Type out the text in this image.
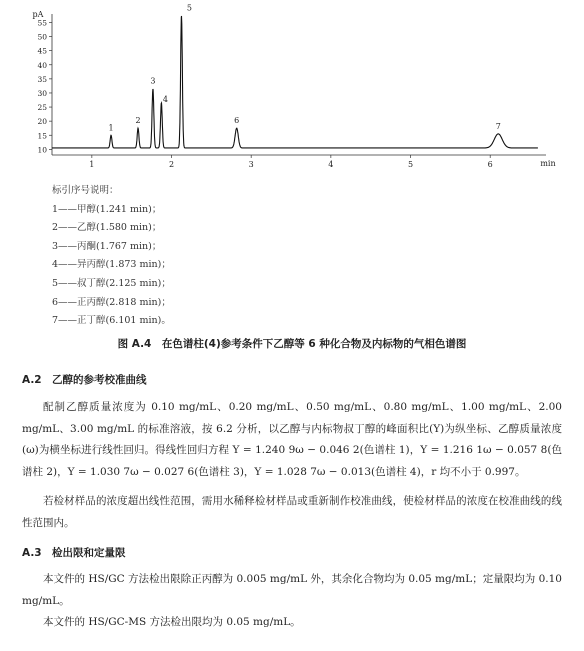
pA
min
10
15
20
25
30
35
40
45
50
55
1	2	3	4	5	6
1
2
3
4
5
6
7
标引序号说明：
1——甲醇(1.241 min)；
2——乙醇(1.580 min)；
3——丙酮(1.767 min)；
4——异丙醇(1.873 min)；
5——叔丁醇(2.125 min)；
6——正丙醇(2.818 min)；
7——正丁醇(6.101 min)。
图 A.4　在色谱柱(4)参考条件下乙醇等 6 种化合物及内标物的气相色谱图
A.2 乙醇的参考校准曲线
配制乙醇质量浓度为 0.10 mg/mL、0.20 mg/mL、0.50 mg/mL、0.80 mg/mL、1.00 mg/mL、2.00 mg/mL、3.00 mg/mL 的标准溶液，按 6.2 分析，以乙醇与内标物叔丁醇的峰面积比(Y)为纵坐标、乙醇质量浓度(ω)为横坐标进行线性回归。得线性回归方程 Y = 1.240 9ω − 0.046 2(色谱柱 1)，Y = 1.216 1ω − 0.057 8(色谱柱 2)，Y = 1.030 7ω − 0.027 6(色谱柱 3)，Y = 1.028 7ω − 0.013(色谱柱 4)，r 均不小于 0.997。
若检材样品的浓度超出线性范围，需用水稀释检材样品或重新制作校准曲线，使检材样品的浓度在校准曲线的线性范围内。
A.3 检出限和定量限
本文件的 HS/GC 方法检出限除正丙醇为 0.005 mg/mL 外，其余化合物均为 0.05 mg/mL；定量限均为 0.10 mg/mL。
本文件的 HS/GC-MS 方法检出限均为 0.05 mg/mL。
